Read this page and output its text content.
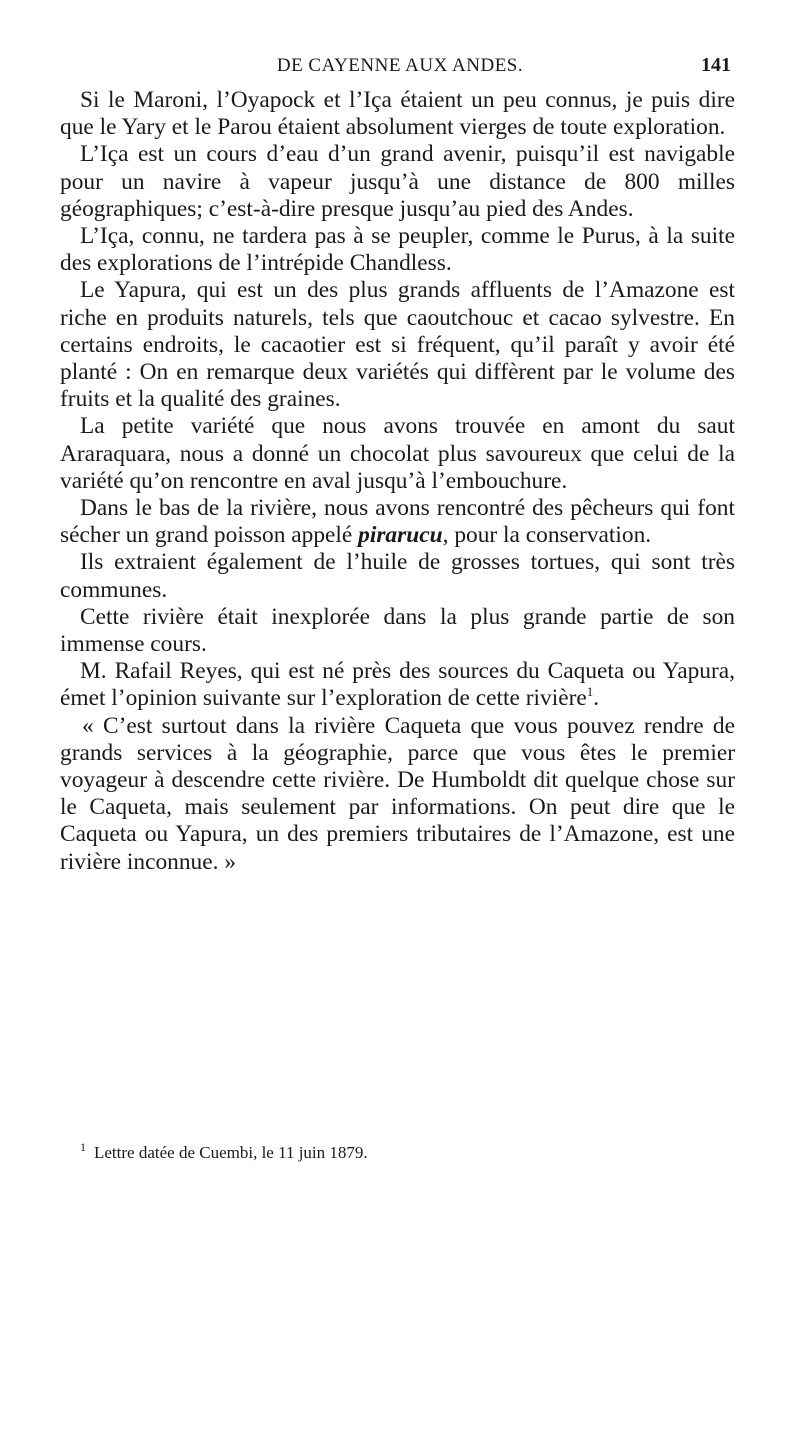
DE CAYENNE AUX ANDES.	141

Si le Maroni, l’Oyapock et l’Içа étaient un peu connus, je puis dire que le Yary et le Parou étaient absolument vierges de toute exploration.

L’Iça est un cours d’eau d’un grand avenir, puisqu’il est navigable pour un navire à vapeur jusqu’à une distance de 800 milles géographiques; c’est-à-dire presque jusqu’au pied des Andes.

L’Iça, connu, ne tardera pas à se peupler, comme le Purus, à la suite des explorations de l’intrépide Chandless.

Le Yapura, qui est un des plus grands affluents de l’Amazone est riche en produits naturels, tels que caoutchouc et cacao sylvestre. En certains endroits, le cacaotier est si fréquent, qu’il paraît y avoir été planté : On en remarque deux variétés qui diffèrent par le volume des fruits et la qualité des graines.

La petite variété que nous avons trouvée en amont du saut Araraquara, nous a donné un chocolat plus savoureux que celui de la variété qu’on rencontre en aval jusqu’à l’embouchure.

Dans le bas de la rivière, nous avons rencontré des pêcheurs qui font sécher un grand poisson appelé pirarucu, pour la conservation.

Ils extraient également de l’huile de grosses tortues, qui sont très communes.

Cette rivière était inexplorée dans la plus grande partie de son immense cours.

M. Rafail Reyes, qui est né près des sources du Caqueta ou Yapura, émet l’opinion suivante sur l’exploration de cette rivière$^1$.

« C’est surtout dans la rivière Caqueta que vous pouvez rendre de grands services à la géographie, parce que vous êtes le premier voyageur à descendre cette rivière. De Humboldt dit quelque chose sur le Caqueta, mais seulement par informations. On peut dire que le Caqueta ou Yapura, un des premiers tributaires de l’Amazone, est une rivière inconnue. »

$^1$ Lettre datée de Cuembi, le 11 juin 1879.
